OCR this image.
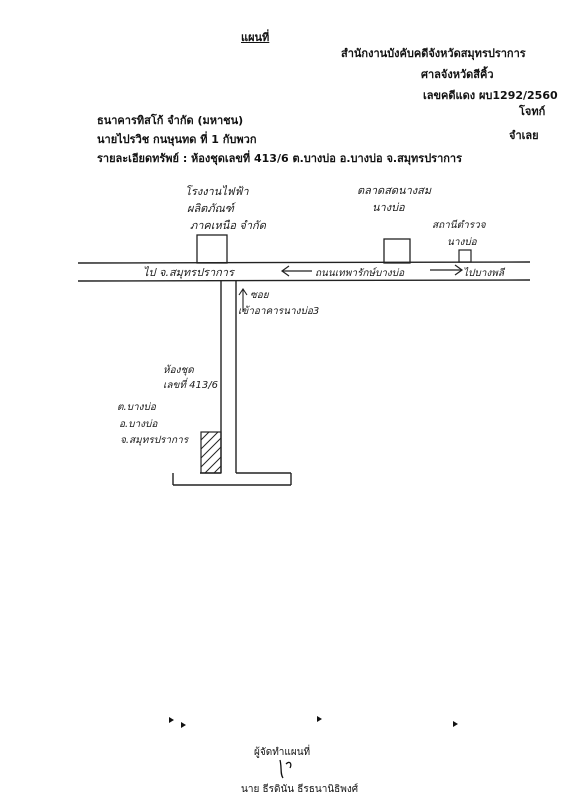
แผนที่
สำนักงานบังคับคดีจังหวัดสมุทรปราการ
ศาลจังหวัดสีคิ้ว
เลขคดีแดง ผบ1292/2560
โจทก์
จำเลย
ธนาคารทิสโก้ จำกัด (มหาชน)
นายไปรวิช กนษุนทด ที่ 1 กับพวก
รายละเอียดทรัพย์ : ห้องชุดเลขที่ 413/6 ต.บางบ่อ อ.บางบ่อ จ.สมุทรปราการ
โรงงานไฟฟ้า
ผลิตภัณฑ์
ภาคเหนือ จำกัด
ตลาดสดนางสม
นางบ่อ
สถานีตำรวจ
นางบ่อ
ไป จ.สมุทรปราการ	ถนนเทพารักษ์บางบ่อ	ไปบางพลี
ซอย
เข้าอาคารนางบ่อ3
ห้องชุด
เลขที่ 413/6
ต.บางบ่อ
อ.บางบ่อ
จ.สมุทรปราการ
ผู้จัดทำแผนที่
นาย ธีรดินัน ธีรธนานิธิพงศ์
